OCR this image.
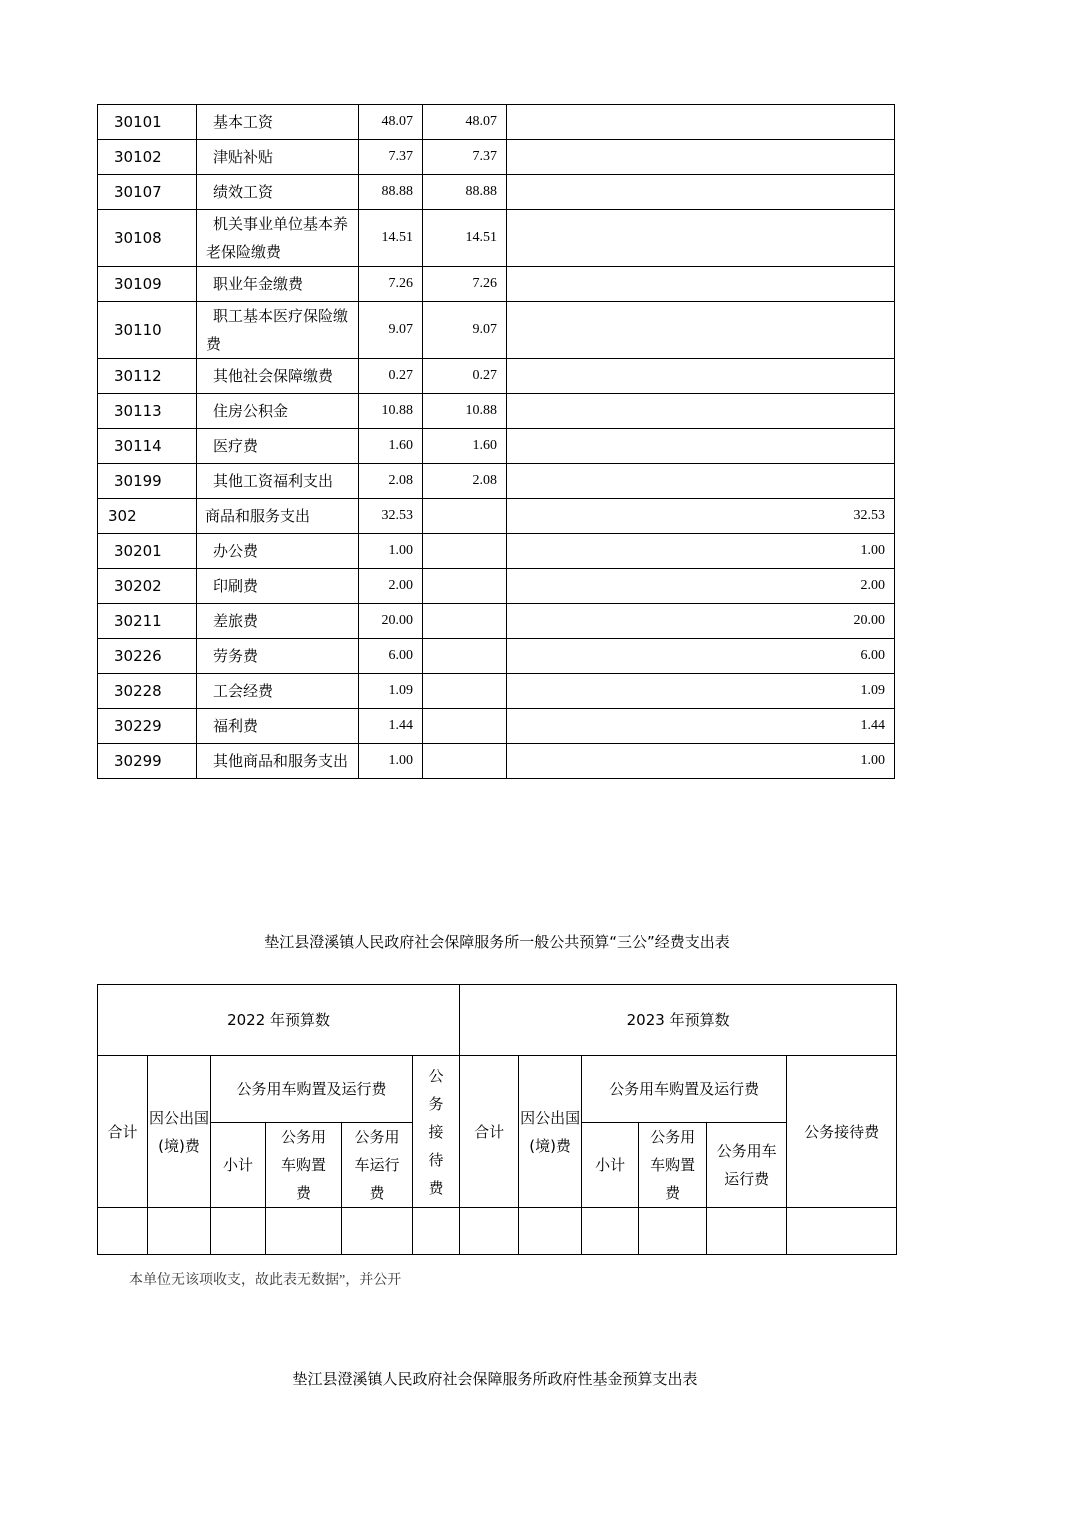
30101	基本工资	48.07	48.07	
30102	津贴补贴	7.37	7.37	
30107	绩效工资	88.88	88.88	
30108	机关事业单位基本养老保险缴费	14.51	14.51	
30109	职业年金缴费	7.26	7.26	
30110	职工基本医疗保险缴费	9.07	9.07	
30112	其他社会保障缴费	0.27	0.27	
30113	住房公积金	10.88	10.88	
30114	医疗费	1.60	1.60	
30199	其他工资福利支出	2.08	2.08	
302	商品和服务支出	32.53		32.53
30201	办公费	1.00		1.00
30202	印刷费	2.00		2.00
30211	差旅费	20.00		20.00
30226	劳务费	6.00		6.00
30228	工会经费	1.09		1.09
30229	福利费	1.44		1.44
30299	其他商品和服务支出	1.00		1.00
垫江县澄溪镇人民政府社会保障服务所一般公共预算“三公”经费支出表
2022 年预算数						2023 年预算数					
合计	因公出国(境)费	公务用车购置及运行费			公务接待费	合计	因公出国(境)费	公务用车购置及运行费			公务接待费
		小计	公务用车购置费	公务用车运行费				小计	公务用车购置费	公务用车运行费	

本单位无该项收支，故此表无数据”，并公开
垫江县澄溪镇人民政府社会保障服务所政府性基金预算支出表
